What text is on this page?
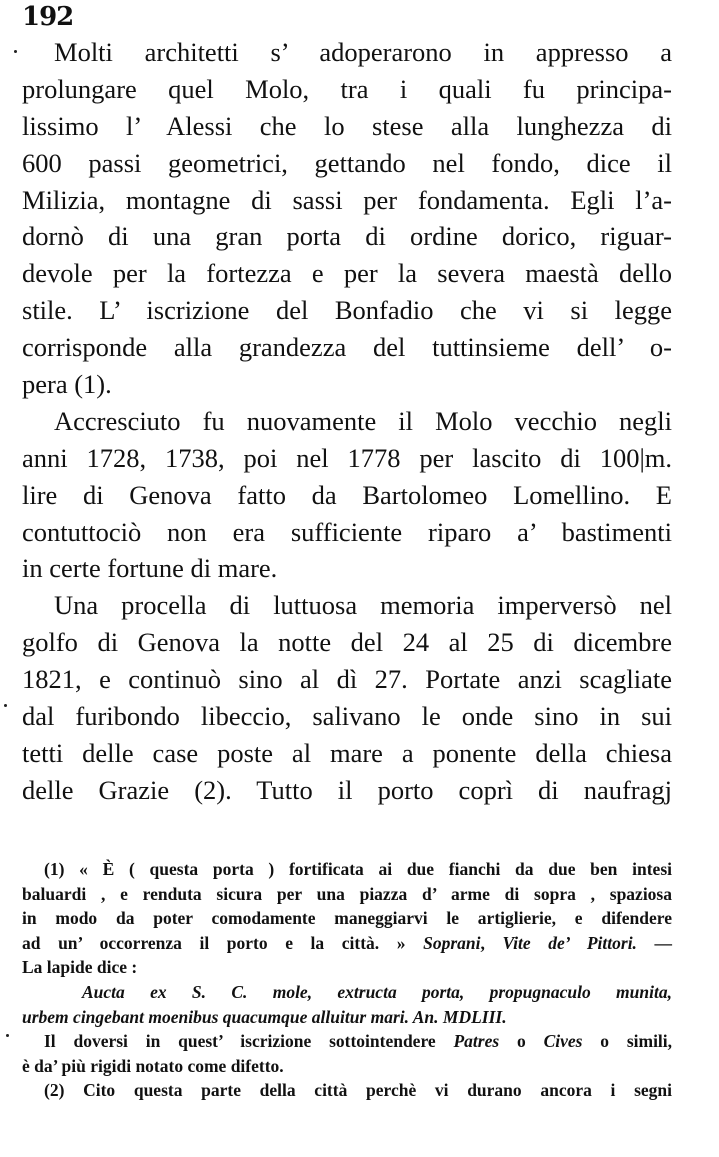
192
Molti architetti s’ adoperarono in appresso a
prolungare quel Molo, tra i quali fu principa-
lissimo l’ Alessi che lo stese alla lunghezza di
600 passi geometrici, gettando nel fondo, dice il
Milizia, montagne di sassi per fondamenta. Egli l’a-
dornò di una gran porta di ordine dorico, riguar-
devole per la fortezza e per la severa maestà dello
stile. L’ iscrizione del Bonfadio che vi si legge
corrisponde alla grandezza del tuttinsieme dell’ o-
pera (1).
Accresciuto fu nuovamente il Molo vecchio negli
anni 1728, 1738, poi nel 1778 per lascito di 100|m.
lire di Genova fatto da Bartolomeo Lomellino. E
contuttociò non era sufficiente riparo a’ bastimenti
in certe fortune di mare.
Una procella di luttuosa memoria imperversò nel
golfo di Genova la notte del 24 al 25 di dicembre
1821, e continuò sino al dì 27. Portate anzi scagliate
dal furibondo libeccio, salivano le onde sino in sui
tetti delle case poste al mare a ponente della chiesa
delle Grazie (2). Tutto il porto coprì di naufragj
(1) « È ( questa porta ) fortificata ai due fianchi da due ben intesi
baluardi , e renduta sicura per una piazza d’ arme di sopra , spaziosa
in modo da poter comodamente maneggiarvi le artiglierie, e difendere
ad un’ occorrenza il porto e la città. » Soprani, Vite de’ Pittori. —
La lapide dice :
Aucta ex S. C. mole, extructa porta, propugnaculo munita,
urbem cingebant moenibus quacumque alluitur mari. An. MDLIII.
Il doversi in quest’ iscrizione sottointendere Patres o Cives o simili,
è da’ più rigidi notato come difetto.
(2) Cito questa parte della città perchè vi durano ancora i segni
